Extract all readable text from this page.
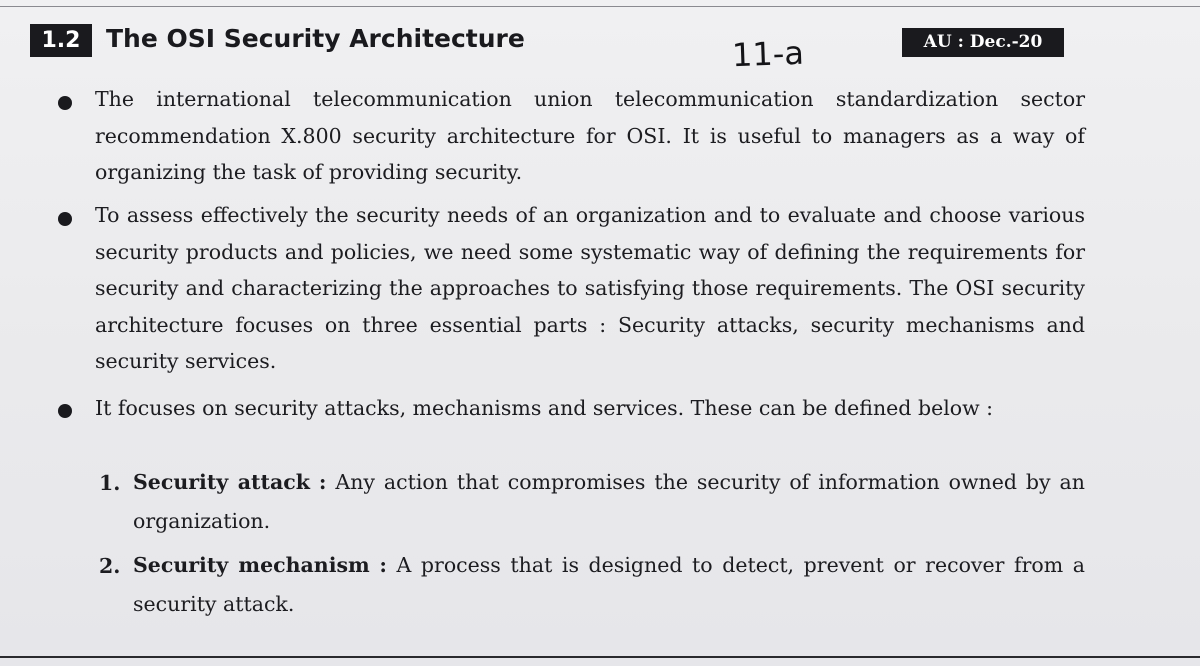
1.2	The OSI Security Architecture	11-a	AU : Dec.-20

The international telecommunication union telecommunication standardization sector recommendation X.800 security architecture for OSI. It is useful to managers as a way of organizing the task of providing security.

To assess effectively the security needs of an organization and to evaluate and choose various security products and policies, we need some systematic way of defining the requirements for security and characterizing the approaches to satisfying those requirements. The OSI security architecture focuses on three essential parts : Security attacks, security mechanisms and security services.

It focuses on security attacks, mechanisms and services. These can be defined below :

1. Security attack : Any action that compromises the security of information owned by an organization.

2. Security mechanism : A process that is designed to detect, prevent or recover from a security attack.
